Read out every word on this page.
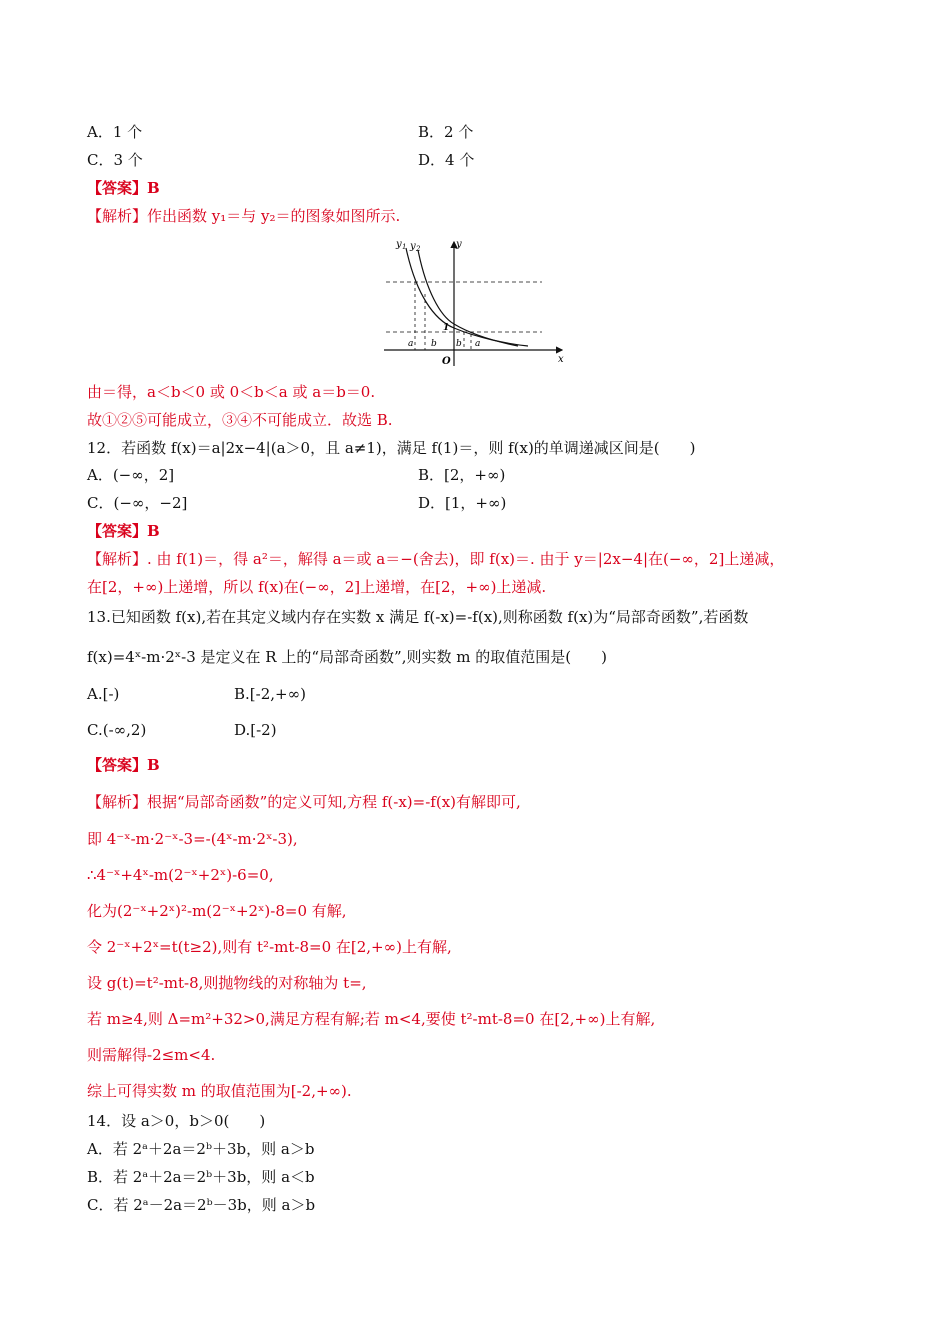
A．1 个	B．2 个
C．3 个	D．4 个
【答案】B
【解析】作出函数 y₁＝与 y₂＝的图象如图所示.
y 1 y 2	y
x
O
1
a b b a
由＝得，a＜b＜0 或 0＜b＜a 或 a＝b＝0.
故①②⑤可能成立，③④不可能成立．故选 B.
12．若函数 f(x)＝a|2x−4|(a＞0，且 a≠1)，满足 f(1)＝，则 f(x)的单调递减区间是(　　)
A．(−∞，2]	B．[2，+∞)
C．(−∞，−2]	D．[1，+∞)
【答案】B
【解析】. 由 f(1)＝，得 a²＝，解得 a＝或 a＝−(舍去)，即 f(x)＝. 由于 y＝|2x−4|在(−∞，2]上递减，
在[2，+∞)上递增，所以 f(x)在(−∞，2]上递增，在[2，+∞)上递减.
13.已知函数 f(x),若在其定义域内存在实数 x 满足 f(-x)=-f(x),则称函数 f(x)为“局部奇函数”,若函数
f(x)=4ˣ-m·2ˣ-3 是定义在 R 上的“局部奇函数”,则实数 m 的取值范围是(　　)
A.[-)	B.[-2,+∞)
C.(-∞,2)	D.[-2)
【答案】B
【解析】根据“局部奇函数”的定义可知,方程 f(-x)=-f(x)有解即可,
即 4⁻ˣ-m·2⁻ˣ-3=-(4ˣ-m·2ˣ-3),
∴4⁻ˣ+4ˣ-m(2⁻ˣ+2ˣ)-6=0,
化为(2⁻ˣ+2ˣ)²-m(2⁻ˣ+2ˣ)-8=0 有解,
令 2⁻ˣ+2ˣ=t(t≥2),则有 t²-mt-8=0 在[2,+∞)上有解,
设 g(t)=t²-mt-8,则抛物线的对称轴为 t=,
若 m≥4,则 Δ=m²+32>0,满足方程有解;若 m<4,要使 t²-mt-8=0 在[2,+∞)上有解,
则需解得-2≤m<4.
综上可得实数 m 的取值范围为[-2,+∞).
14．设 a＞0，b＞0(　　)
A．若 2ᵃ＋2a＝2ᵇ＋3b，则 a＞b
B．若 2ᵃ＋2a＝2ᵇ＋3b，则 a＜b
C．若 2ᵃ－2a＝2ᵇ－3b，则 a＞b
